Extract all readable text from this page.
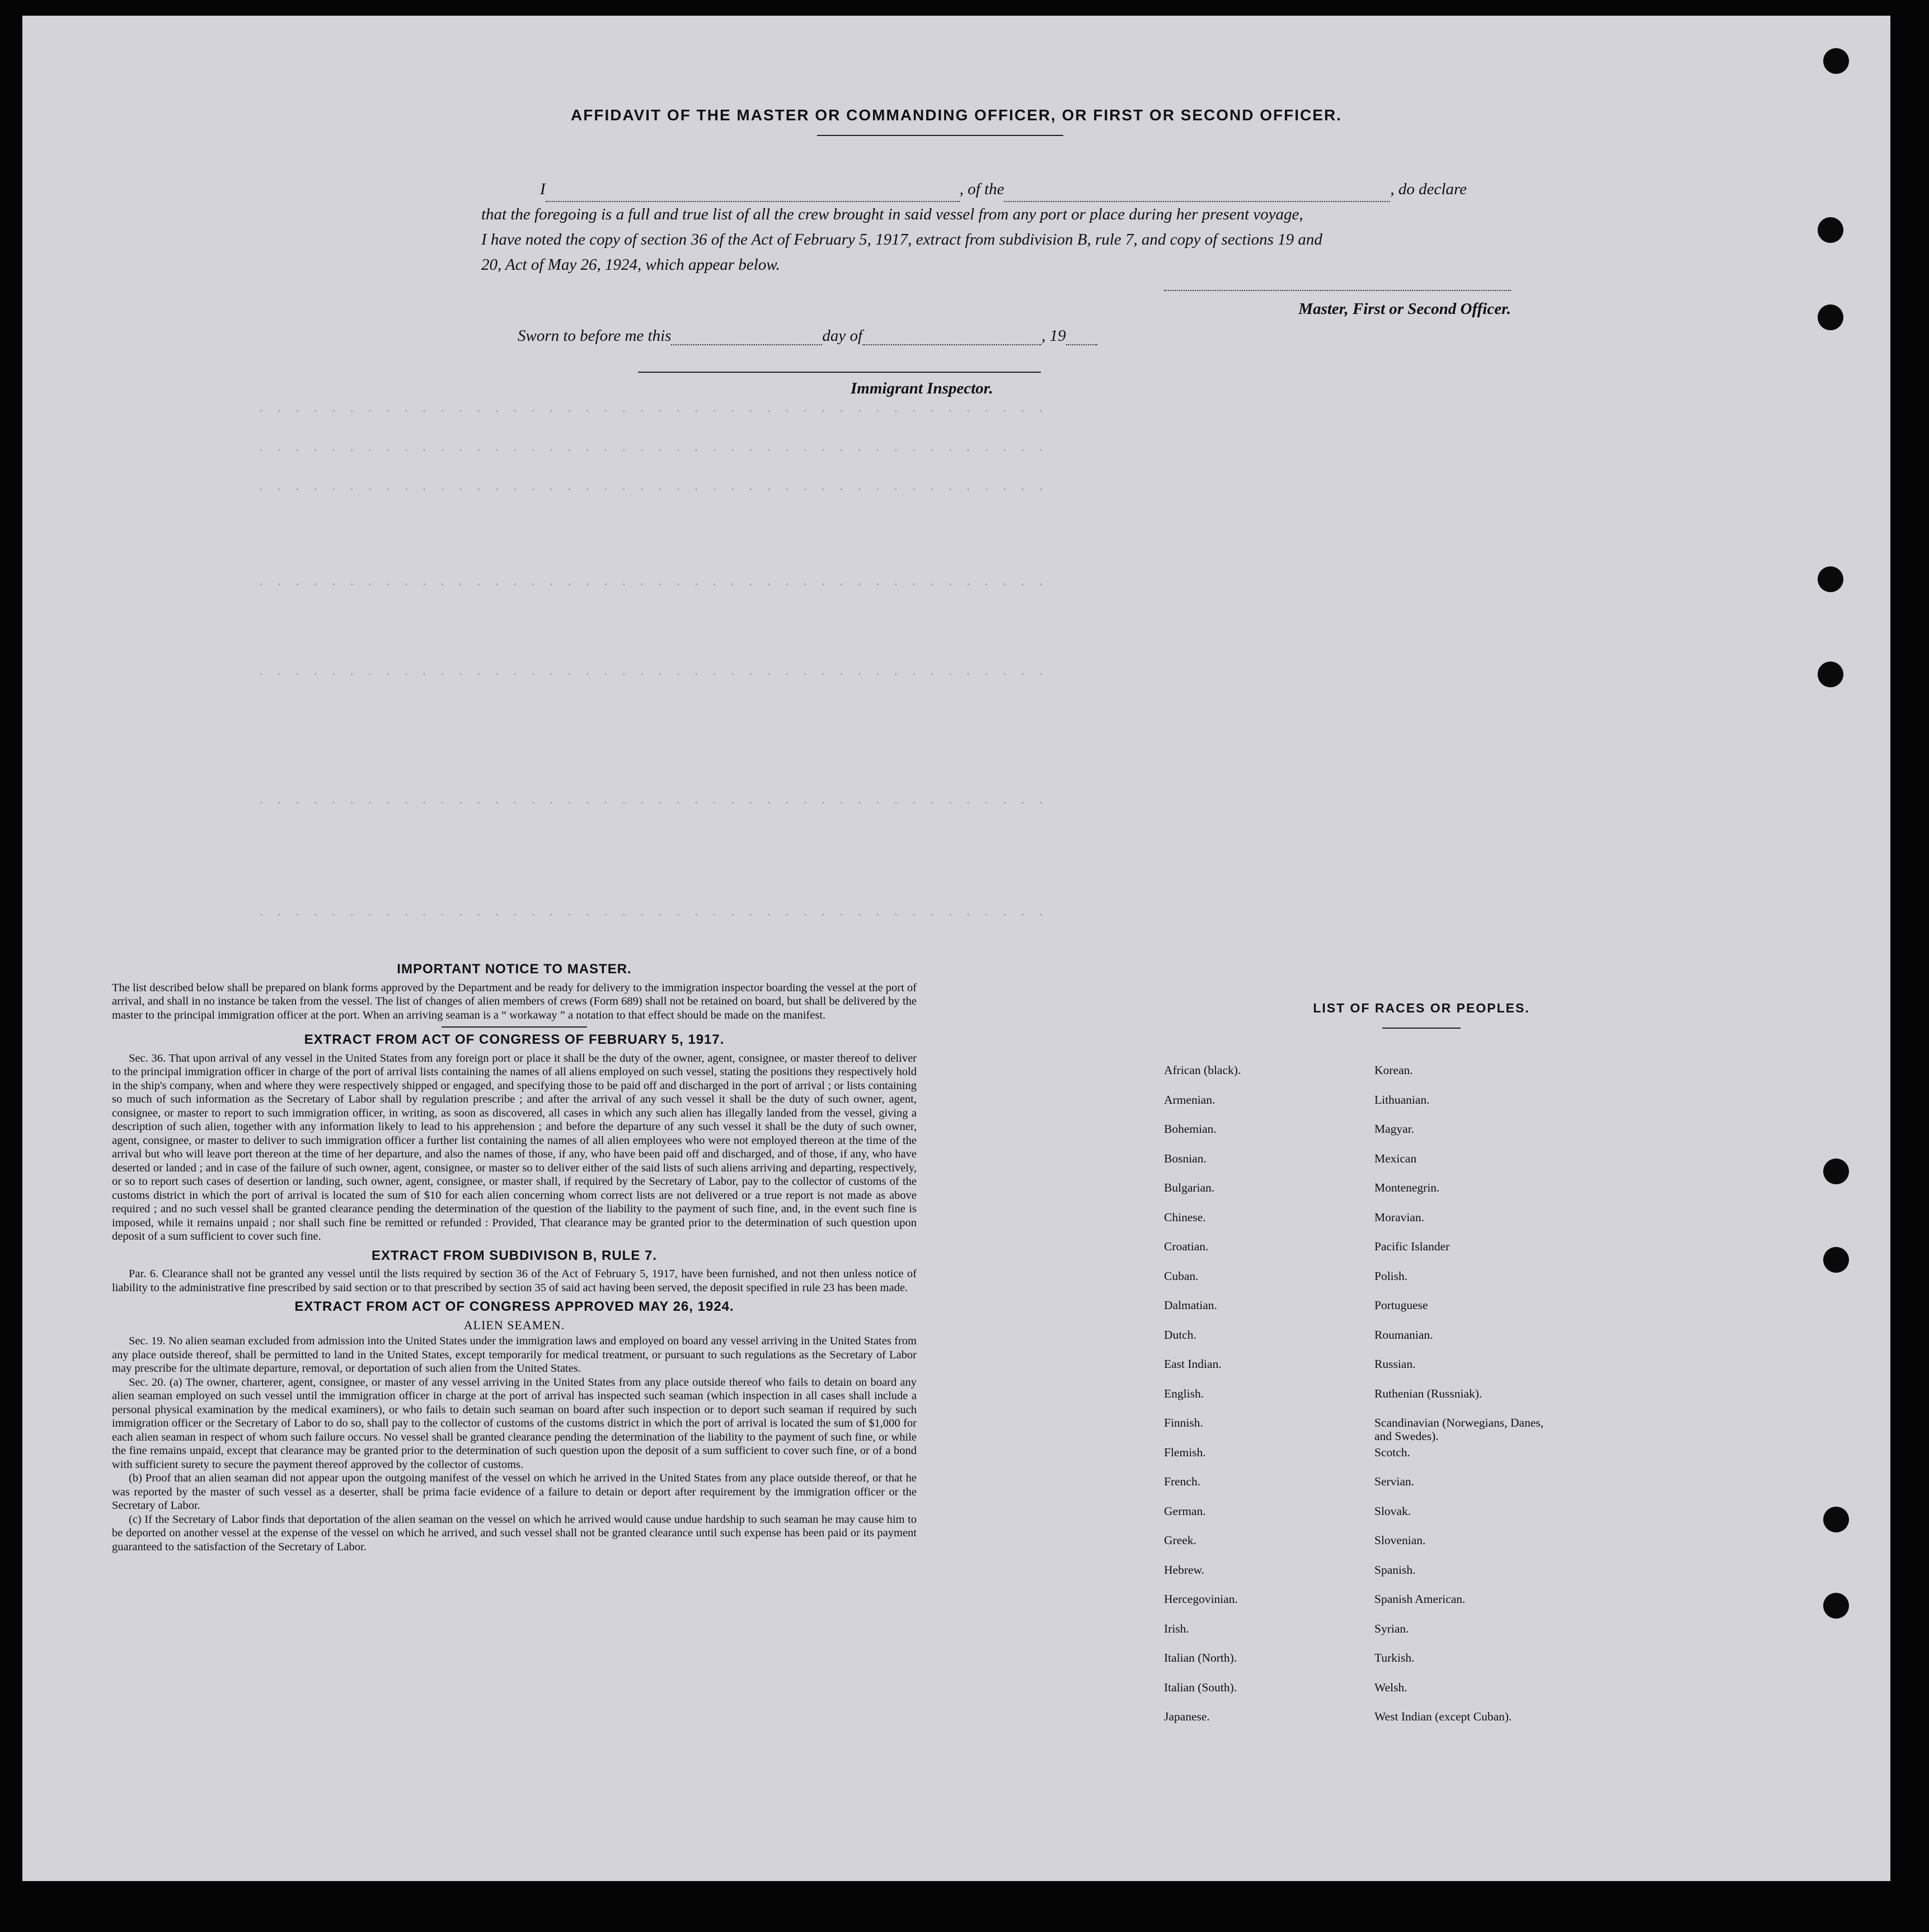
. . . . . . . . . . . . . . . . . . . . . . . . . . . . . . . . . . . . . . . . . . . .
. . . . . . . . . . . . . . . . . . . . . . . . . . . . . . . . . . . . . . . . . . . .
. . . . . . . . . . . . . . . . . . . . . . . . . . . . . . . . . . . . . . . . . . . .
. . . . . . . . . . . . . . . . . . . . . . . . . . . . . . . . . . . . . . . . . . . .
. . . . . . . . . . . . . . . . . . . . . . . . . . . . . . . . . . . . . . . . . . . .
. . . . . . . . . . . . . . . . . . . . . . . . . . . . . . . . . . . . . . . . . . . .
. . . . . . . . . . . . . . . . . . . . . . . . . . . . . . . . . . . . . . . . . . . .
AFFIDAVIT OF THE MASTER OR COMMANDING OFFICER, OR FIRST OR SECOND OFFICER.
I	, of the	, do declare
that the foregoing is a full and true list of all the crew brought in said vessel from any port or place during her present voyage,
I have noted the copy of section 36 of the Act of February 5, 1917, extract from subdivision B, rule 7, and copy of sections 19 and
20, Act of May 26, 1924, which appear below.
Master, First or Second Officer.
Sworn to before me this	day of	, 19
Immigrant Inspector.
IMPORTANT NOTICE TO MASTER.

The list described below shall be prepared on blank forms approved by the Department and be ready for delivery to the immigration inspector boarding the vessel at the port of arrival, and shall in no instance be taken from the vessel. The list of changes of alien members of crews (Form 689) shall not be retained on board, but shall be delivered by the master to the principal immigration officer at the port. When an arriving seaman is a “ workaway ” a notation to that effect should be made on the manifest.

EXTRACT FROM ACT OF CONGRESS OF FEBRUARY 5, 1917.

Sec. 36. That upon arrival of any vessel in the United States from any foreign port or place it shall be the duty of the owner, agent, consignee, or master thereof to deliver to the principal immigration officer in charge of the port of arrival lists containing the names of all aliens employed on such vessel, stating the positions they respectively hold in the ship's company, when and where they were respectively shipped or engaged, and specifying those to be paid off and discharged in the port of arrival ; or lists containing so much of such information as the Secretary of Labor shall by regulation prescribe ; and after the arrival of any such vessel it shall be the duty of such owner, agent, consignee, or master to report to such immigration officer, in writing, as soon as discovered, all cases in which any such alien has illegally landed from the vessel, giving a description of such alien, together with any information likely to lead to his apprehension ; and before the departure of any such vessel it shall be the duty of such owner, agent, consignee, or master to deliver to such immigration officer a further list containing the names of all alien employees who were not employed thereon at the time of the arrival but who will leave port thereon at the time of her departure, and also the names of those, if any, who have been paid off and discharged, and of those, if any, who have deserted or landed ; and in case of the failure of such owner, agent, consignee, or master so to deliver either of the said lists of such aliens arriving and departing, respectively, or so to report such cases of desertion or landing, such owner, agent, consignee, or master shall, if required by the Secretary of Labor, pay to the collector of customs of the customs district in which the port of arrival is located the sum of $10 for each alien concerning whom correct lists are not delivered or a true report is not made as above required ; and no such vessel shall be granted clearance pending the determination of the question of the liability to the payment of such fine, and, in the event such fine is imposed, while it remains unpaid ; nor shall such fine be remitted or refunded : Provided, That clearance may be granted prior to the determination of such question upon deposit of a sum sufficient to cover such fine.

EXTRACT FROM SUBDIVISON B, RULE 7.

Par. 6. Clearance shall not be granted any vessel until the lists required by section 36 of the Act of February 5, 1917, have been furnished, and not then unless notice of liability to the administrative fine prescribed by said section or to that prescribed by section 35 of said act having been served, the deposit specified in rule 23 has been made.

EXTRACT FROM ACT OF CONGRESS APPROVED MAY 26, 1924.
ALIEN SEAMEN.

Sec. 19. No alien seaman excluded from admission into the United States under the immigration laws and employed on board any vessel arriving in the United States from any place outside thereof, shall be permitted to land in the United States, except temporarily for medical treatment, or pursuant to such regulations as the Secretary of Labor may prescribe for the ultimate departure, removal, or deportation of such alien from the United States.

Sec. 20. (a) The owner, charterer, agent, consignee, or master of any vessel arriving in the United States from any place outside thereof who fails to detain on board any alien seaman employed on such vessel until the immigration officer in charge at the port of arrival has inspected such seaman (which inspection in all cases shall include a personal physical examination by the medical examiners), or who fails to detain such seaman on board after such inspection or to deport such seaman if required by such immigration officer or the Secretary of Labor to do so, shall pay to the collector of customs of the customs district in which the port of arrival is located the sum of $1,000 for each alien seaman in respect of whom such failure occurs. No vessel shall be granted clearance pending the determination of the liability to the payment of such fine, or while the fine remains unpaid, except that clearance may be granted prior to the determination of such question upon the deposit of a sum sufficient to cover such fine, or of a bond with sufficient surety to secure the payment thereof approved by the collector of customs.

(b) Proof that an alien seaman did not appear upon the outgoing manifest of the vessel on which he arrived in the United States from any place outside thereof, or that he was reported by the master of such vessel as a deserter, shall be prima facie evidence of a failure to detain or deport after requirement by the immigration officer or the Secretary of Labor.

(c) If the Secretary of Labor finds that deportation of the alien seaman on the vessel on which he arrived would cause undue hardship to such seaman he may cause him to be deported on another vessel at the expense of the vessel on which he arrived, and such vessel shall not be granted clearance until such expense has been paid or its payment guaranteed to the satisfaction of the Secretary of Labor.

LIST OF RACES OR PEOPLES.
African (black).	Korean.
Armenian.	Lithuanian.
Bohemian.	Magyar.
Bosnian.	Mexican
Bulgarian.	Montenegrin.
Chinese.	Moravian.
Croatian.	Pacific Islander
Cuban.	Polish.
Dalmatian.	Portuguese
Dutch.	Roumanian.
East Indian.	Russian.
English.	Ruthenian (Russniak).
Finnish.	Scandinavian (Norwegians, Danes, and Swedes).
Flemish.	Scotch.
French.	Servian.
German.	Slovak.
Greek.	Slovenian.
Hebrew.	Spanish.
Hercegovinian.	Spanish American.
Irish.	Syrian.
Italian (North).	Turkish.
Italian (South).	Welsh.
Japanese.	West Indian (except Cuban).
